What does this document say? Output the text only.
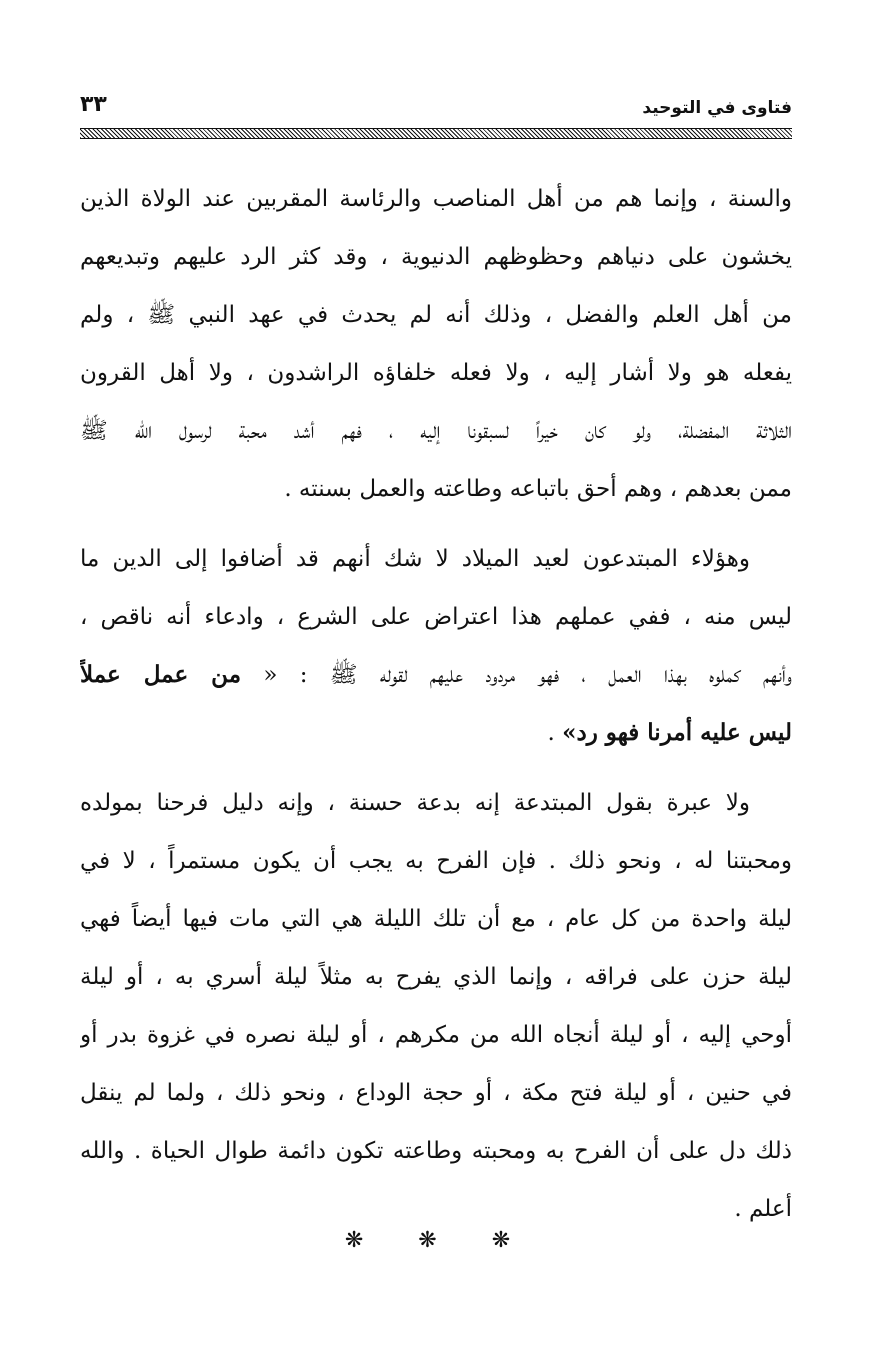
فتاوى في التوحيد
٣٣
والسنة ، وإنما هم من أهل المناصب والرئاسة المقربين عند الولاة الذين
يخشون على دنياهم وحظوظهم الدنيوية ، وقد كثر الرد عليهم وتبديعهم
من أهل العلم والفضل ، وذلك أنه لم يحدث في عهد النبي ﷺ ، ولم
يفعله هو ولا أشار إليه ، ولا فعله خلفاؤه الراشدون ، ولا أهل القرون
الثلاثة المفضلة، ولو كان خيراً لسبقونا إليه ، فهم أشد محبة لرسول الله ﷺ
ممن بعدهم ، وهم أحق باتباعه وطاعته والعمل بسنته .
وهؤلاء المبتدعون لعيد الميلاد لا شك أنهم قد أضافوا إلى الدين ما
ليس منه ، ففي عملهم هذا اعتراض على الشرع ، وادعاء أنه ناقص ،
وأنهم كملوه بهذا العمل ، فهو مردود عليهم لقوله ﷺ : « من عمل عملاً
ليس عليه أمرنا فهو رد» .
ولا عبرة بقول المبتدعة إنه بدعة حسنة ، وإنه دليل فرحنا بمولده
ومحبتنا له ، ونحو ذلك . فإن الفرح به يجب أن يكون مستمراً ، لا في
ليلة واحدة من كل عام ، مع أن تلك الليلة هي التي مات فيها أيضاً فهي
ليلة حزن على فراقه ، وإنما الذي يفرح به مثلاً ليلة أسري به ، أو ليلة
أوحي إليه ، أو ليلة أنجاه الله من مكرهم ، أو ليلة نصره في غزوة بدر أو
في حنين ، أو ليلة فتح مكة ، أو حجة الوداع ، ونحو ذلك ، ولما لم ينقل
ذلك دل على أن الفرح به ومحبته وطاعته تكون دائمة طوال الحياة . والله
أعلم .
❋ ❋ ❋
